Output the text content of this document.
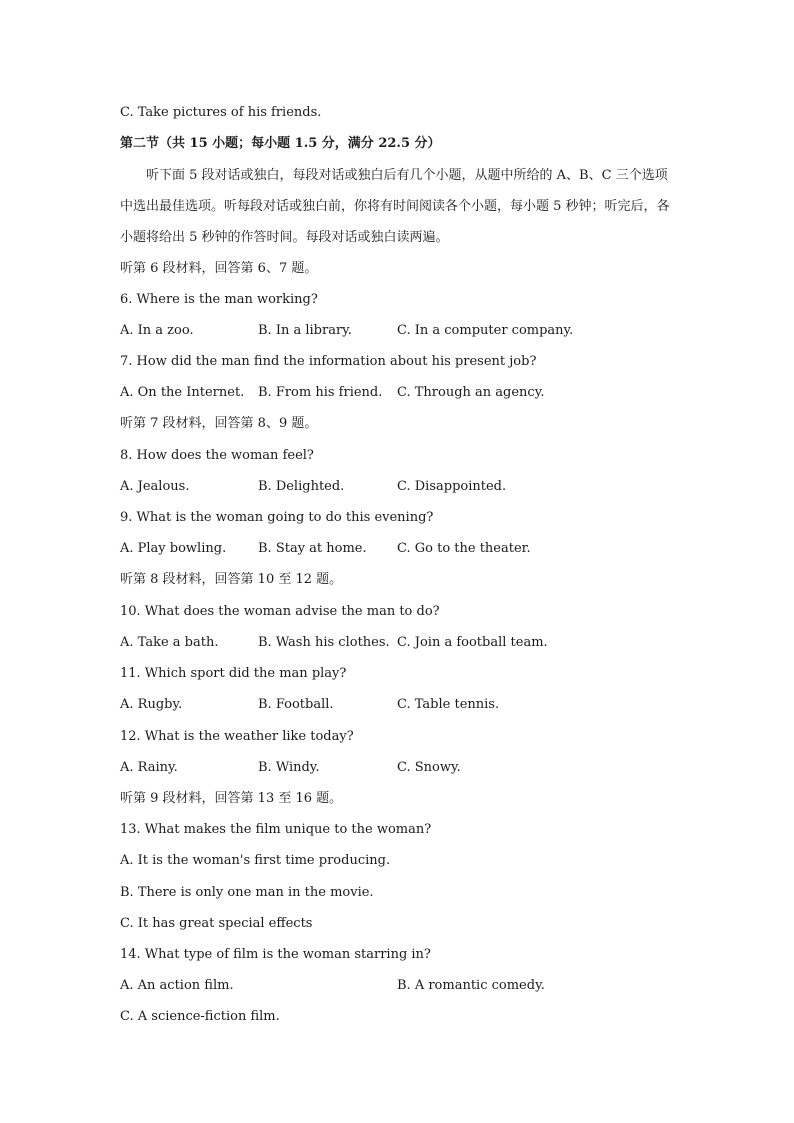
C. Take pictures of his friends.
第二节（共 15 小题；每小题 1.5 分，满分 22.5 分）
听下面 5 段对话或独白，每段对话或独白后有几个小题，从题中所给的 A、B、C 三个选项中选出最佳选项。听每段对话或独白前，你将有时间阅读各个小题，每小题 5 秒钟；听完后，各小题将给出 5 秒钟的作答时间。每段对话或独白读两遍。
听第 6 段材料，回答第 6、7 题。
6. Where is the man working?
A. In a zoo.	B. In a library.	C. In a computer company.
7. How did the man find the information about his present job?
A. On the Internet. B. From his friend. C. Through an agency.
听第 7 段材料，回答第 8、9 题。
8. How does the woman feel?
A. Jealous.	B. Delighted.	C. Disappointed.
9. What is the woman going to do this evening?
A. Play bowling. B. Stay at home. C. Go to the theater.
听第 8 段材料，回答第 10 至 12 题。
10. What does the woman advise the man to do?
A. Take a bath.	B. Wash his clothes. C. Join a football team.
11. Which sport did the man play?
A. Rugby.	B. Football.	C. Table tennis.
12. What is the weather like today?
A. Rainy.	B. Windy.	C. Snowy.
听第 9 段材料，回答第 13 至 16 题。
13. What makes the film unique to the woman?
A. It is the woman's first time producing.
B. There is only one man in the movie.
C. It has great special effects
14. What type of film is the woman starring in?
A. An action film.	B. A romantic comedy.
C. A science-fiction film.
